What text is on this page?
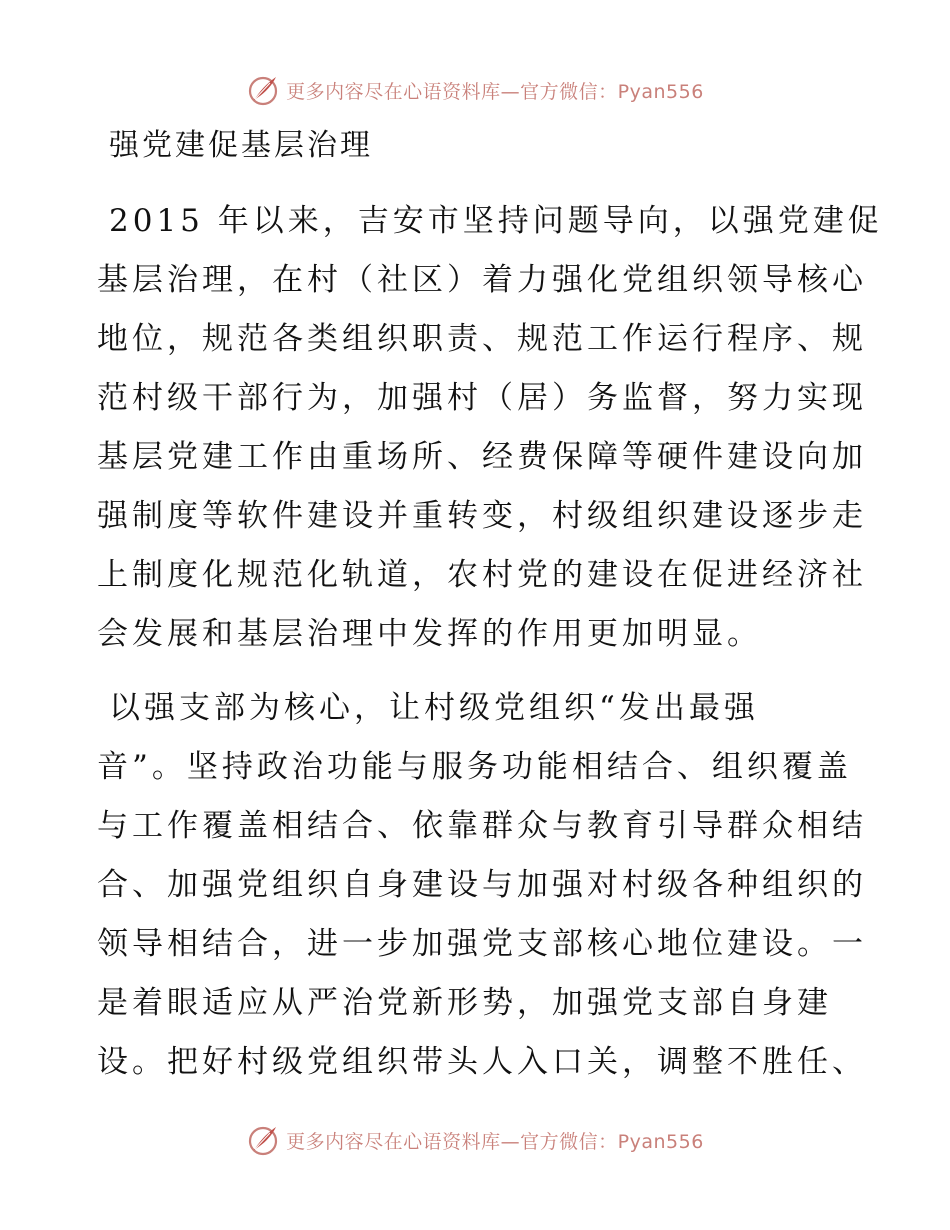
更多内容尽在心语资料库—官方微信：Pyan556
强党建促基层治理

2015 年以来，吉安市坚持问题导向，以强党建促
基层治理，在村（社区）着力强化党组织领导核心
地位，规范各类组织职责、规范工作运行程序、规
范村级干部行为，加强村（居）务监督，努力实现
基层党建工作由重场所、经费保障等硬件建设向加
强制度等软件建设并重转变，村级组织建设逐步走
上制度化规范化轨道，农村党的建设在促进经济社
会发展和基层治理中发挥的作用更加明显。

以强支部为核心，让村级党组织“发出最强
音”。坚持政治功能与服务功能相结合、组织覆盖
与工作覆盖相结合、依靠群众与教育引导群众相结
合、加强党组织自身建设与加强对村级各种组织的
领导相结合，进一步加强党支部核心地位建设。一
是着眼适应从严治党新形势，加强党支部自身建
设。把好村级党组织带头人入口关，调整不胜任、

更多内容尽在心语资料库—官方微信：Pyan556
